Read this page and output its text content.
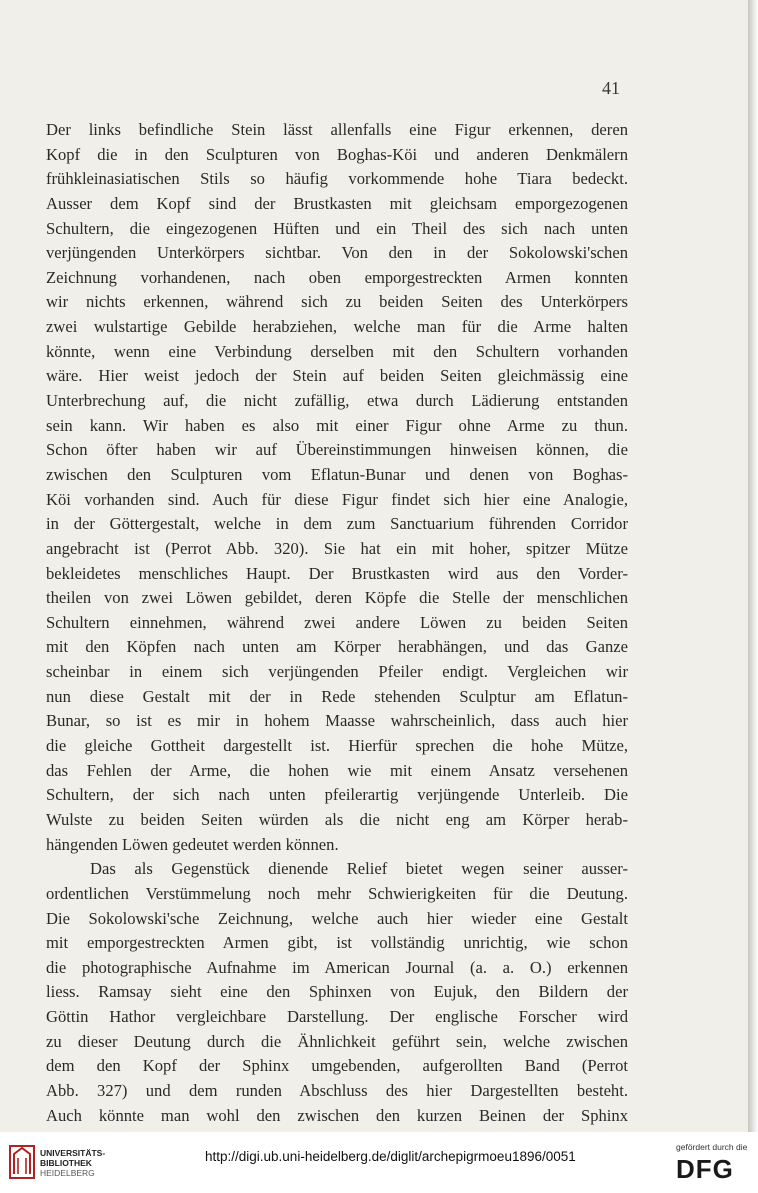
41
Der links befindliche Stein lässt allenfalls eine Figur erkennen, deren
Kopf die in den Sculpturen von Boghas-Köi und anderen Denkmälern
frühkleinasiatischen Stils so häufig vorkommende hohe Tiara bedeckt.
Ausser dem Kopf sind der Brustkasten mit gleichsam emporgezogenen
Schultern, die eingezogenen Hüften und ein Theil des sich nach unten
verjüngenden Unterkörpers sichtbar. Von den in der Sokolowski'schen
Zeichnung vorhandenen, nach oben emporgestreckten Armen konnten
wir nichts erkennen, während sich zu beiden Seiten des Unterkörpers
zwei wulstartige Gebilde herabziehen, welche man für die Arme halten
könnte, wenn eine Verbindung derselben mit den Schultern vorhanden
wäre. Hier weist jedoch der Stein auf beiden Seiten gleichmässig eine
Unterbrechung auf, die nicht zufällig, etwa durch Lädierung entstanden
sein kann. Wir haben es also mit einer Figur ohne Arme zu thun.
Schon öfter haben wir auf Übereinstimmungen hinweisen können, die
zwischen den Sculpturen vom Eflatun-Bunar und denen von Boghas-
Köi vorhanden sind. Auch für diese Figur findet sich hier eine Analogie,
in der Göttergestalt, welche in dem zum Sanctuarium führenden Corridor
angebracht ist (Perrot Abb. 320). Sie hat ein mit hoher, spitzer Mütze
bekleidetes menschliches Haupt. Der Brustkasten wird aus den Vorder-
theilen von zwei Löwen gebildet, deren Köpfe die Stelle der menschlichen
Schultern einnehmen, während zwei andere Löwen zu beiden Seiten
mit den Köpfen nach unten am Körper herabhängen, und das Ganze
scheinbar in einem sich verjüngenden Pfeiler endigt. Vergleichen wir
nun diese Gestalt mit der in Rede stehenden Sculptur am Eflatun-
Bunar, so ist es mir in hohem Maasse wahrscheinlich, dass auch hier
die gleiche Gottheit dargestellt ist. Hierfür sprechen die hohe Mütze,
das Fehlen der Arme, die hohen wie mit einem Ansatz versehenen
Schultern, der sich nach unten pfeilerartig verjüngende Unterleib. Die
Wulste zu beiden Seiten würden als die nicht eng am Körper herab-
hängenden Löwen gedeutet werden können.
Das als Gegenstück dienende Relief bietet wegen seiner ausser-
ordentlichen Verstümmelung noch mehr Schwierigkeiten für die Deutung.
Die Sokolowski'sche Zeichnung, welche auch hier wieder eine Gestalt
mit emporgestreckten Armen gibt, ist vollständig unrichtig, wie schon
die photographische Aufnahme im American Journal (a. a. O.) erkennen
liess. Ramsay sieht eine den Sphinxen von Eujuk, den Bildern der
Göttin Hathor vergleichbare Darstellung. Der englische Forscher wird
zu dieser Deutung durch die Ähnlichkeit geführt sein, welche zwischen
dem den Kopf der Sphinx umgebenden, aufgerollten Band (Perrot
Abb. 327) und dem runden Abschluss des hier Dargestellten besteht.
Auch könnte man wohl den zwischen den kurzen Beinen der Sphinx
UNIVERSITÄTS-
BIBLIOTHEK
HEIDELBERG
http://digi.ub.uni-heidelberg.de/diglit/archepigrmoeu1896/0051
gefördert durch die
DFG
